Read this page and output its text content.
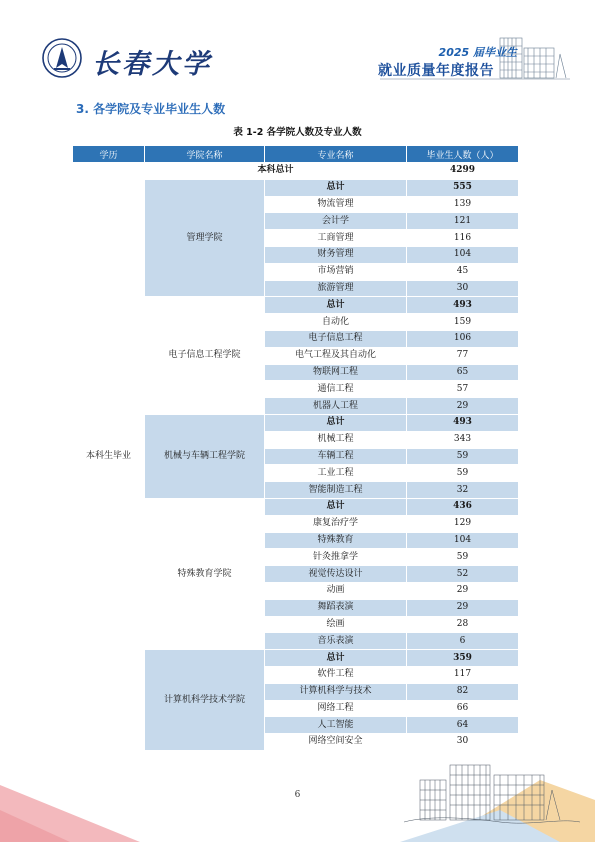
长春大学	2025 届毕业生
就业质量年度报告
3. 各学院及专业毕业生人数
表 1-2 各学院人数及专业人数
学历	学院名称	专业名称	毕业生人数（人）
本科生毕业	本科总计		4299
	管理学院	总计	555
		物流管理	139
		会计学	121
		工商管理	116
		财务管理	104
		市场营销	45
		旅游管理	30
	电子信息工程学院	总计	493
		自动化	159
		电子信息工程	106
		电气工程及其自动化	77
		物联网工程	65
		通信工程	57
		机器人工程	29
	机械与车辆工程学院	总计	493
		机械工程	343
		车辆工程	59
		工业工程	59
		智能制造工程	32
	特殊教育学院	总计	436
		康复治疗学	129
		特殊教育	104
		针灸推拿学	59
		视觉传达设计	52
		动画	29
		舞蹈表演	29
		绘画	28
		音乐表演	6
	计算机科学技术学院	总计	359
		软件工程	117
		计算机科学与技术	82
		网络工程	66
		人工智能	64
		网络空间安全	30
6
